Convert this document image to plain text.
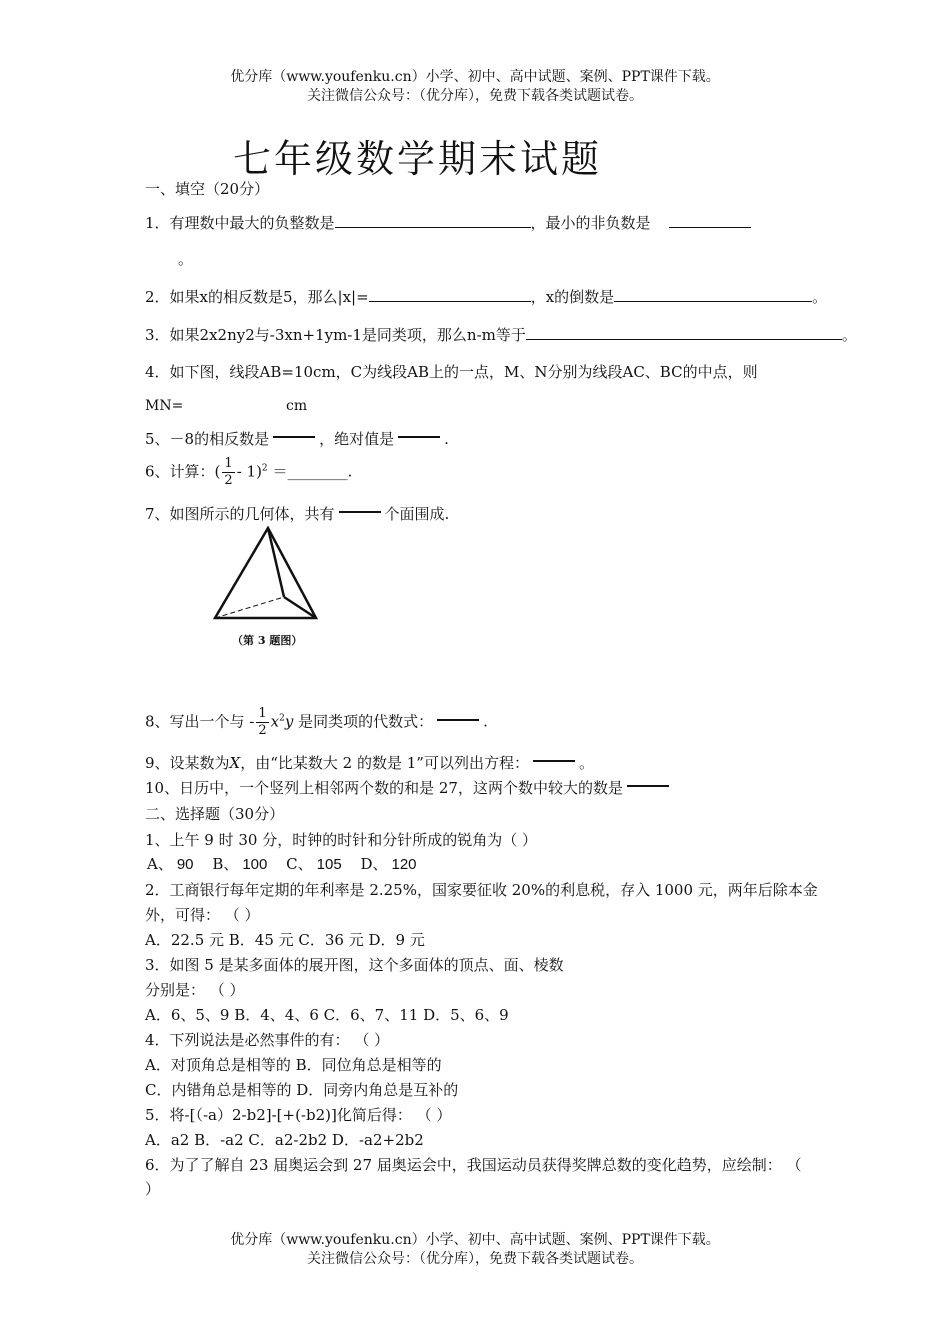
优分库（www.youfenku.cn）小学、初中、高中试题、案例、PPT课件下载。
关注微信公众号：（优分库），免费下载各类试题试卷。
七年级数学期末试题
一、填空（20分）
1．有理数中最大的负整数是	，最小的非负数是
。
2．如果x的相反数是5，那么|x|=	，x的倒数是	。
3．如果2x2ny2与-3xn+1ym-1是同类项，那么n-m等于	。
4．如下图，线段AB=10cm，C为线段AB上的一点，M、N分别为线段AC、BC的中点，则
MN=	cm
5、－8的相反数是	，绝对值是	.
6、计算：( $\frac{1}{2} - 1)^2$ ＝________.
7、如图所示的几何体，共有	个面围成.
（第 3 题图）
8、写出一个与 - $\frac{1}{2} x^2y$ 是同类项的代数式：	.
9、设某数为X，由“比某数大 2 的数是 1”可以列出方程：	。
10、日历中，一个竖列上相邻两个数的和是 27，这两个数中较大的数是
二、选择题（30分）
1、上午 9 时 30 分，时钟的时针和分针所成的锐角为（ ）
A、 90 B、 100 C、 105 D、 120
2．工商银行每年定期的年利率是 2.25%，国家要征收 20%的利息税，存入 1000 元，两年后除本金
外，可得： （ ）
A．22.5 元 B．45 元 C．36 元 D．9 元
3．如图 5 是某多面体的展开图，这个多面体的顶点、面、棱数
分别是： （ ）
A．6、5、9 B．4、4、6 C．6、7、11 D．5、6、9
4．下列说法是必然事件的有： （ ）
A．对顶角总是相等的 B．同位角总是相等的
C．内错角总是相等的 D．同旁内角总是互补的
5．将-[（-a）2-b2]-[+(-b2)]化简后得： （ ）
A．a2 B．-a2 C．a2-2b2 D．-a2+2b2
6．为了了解自 23 届奥运会到 27 届奥运会中，我国运动员获得奖牌总数的变化趋势，应绘制： （
）
优分库（www.youfenku.cn）小学、初中、高中试题、案例、PPT课件下载。
关注微信公众号：（优分库），免费下载各类试题试卷。
